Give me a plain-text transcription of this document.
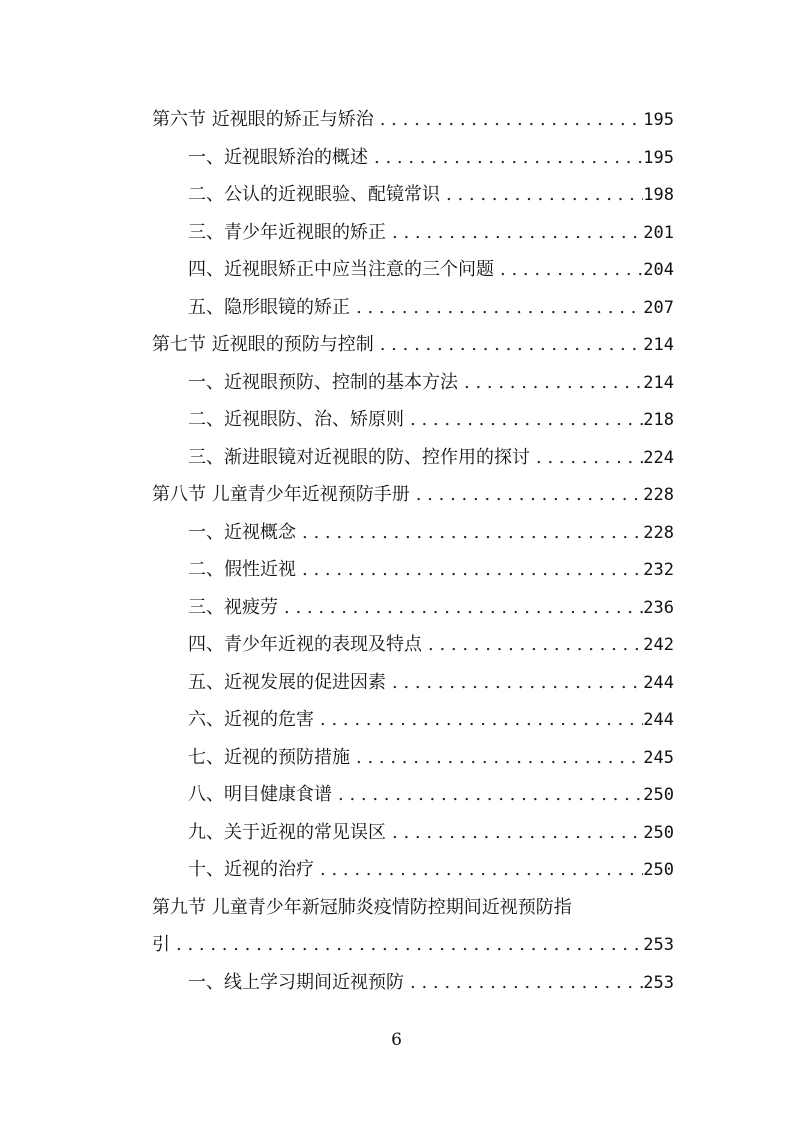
第六节 近视眼的矫正与矫治 . . .	195
一、近视眼矫治的概述 . . .	195
二、公认的近视眼验、配镜常识 . . .	198
三、青少年近视眼的矫正 . . .	201
四、近视眼矫正中应当注意的三个问题 . . .	204
五、隐形眼镜的矫正 . . .	207
第七节 近视眼的预防与控制 . . .	214
一、近视眼预防、控制的基本方法 . . .	214
二、近视眼防、治、矫原则 . . .	218
三、渐进眼镜对近视眼的防、控作用的探讨 . . .	224
第八节 儿童青少年近视预防手册 . . .	228
一、近视概念 . . .	228
二、假性近视 . . .	232
三、视疲劳 . . .	236
四、青少年近视的表现及特点 . . .	242
五、近视发展的促进因素 . . .	244
六、近视的危害 . . .	244
七、近视的预防措施 . . .	245
八、明目健康食谱 . . .	250
九、关于近视的常见误区 . . .	250
十、近视的治疗 . . .	250
第九节 儿童青少年新冠肺炎疫情防控期间近视预防指
引 . . .	253
一、线上学习期间近视预防 . . .	253
6
